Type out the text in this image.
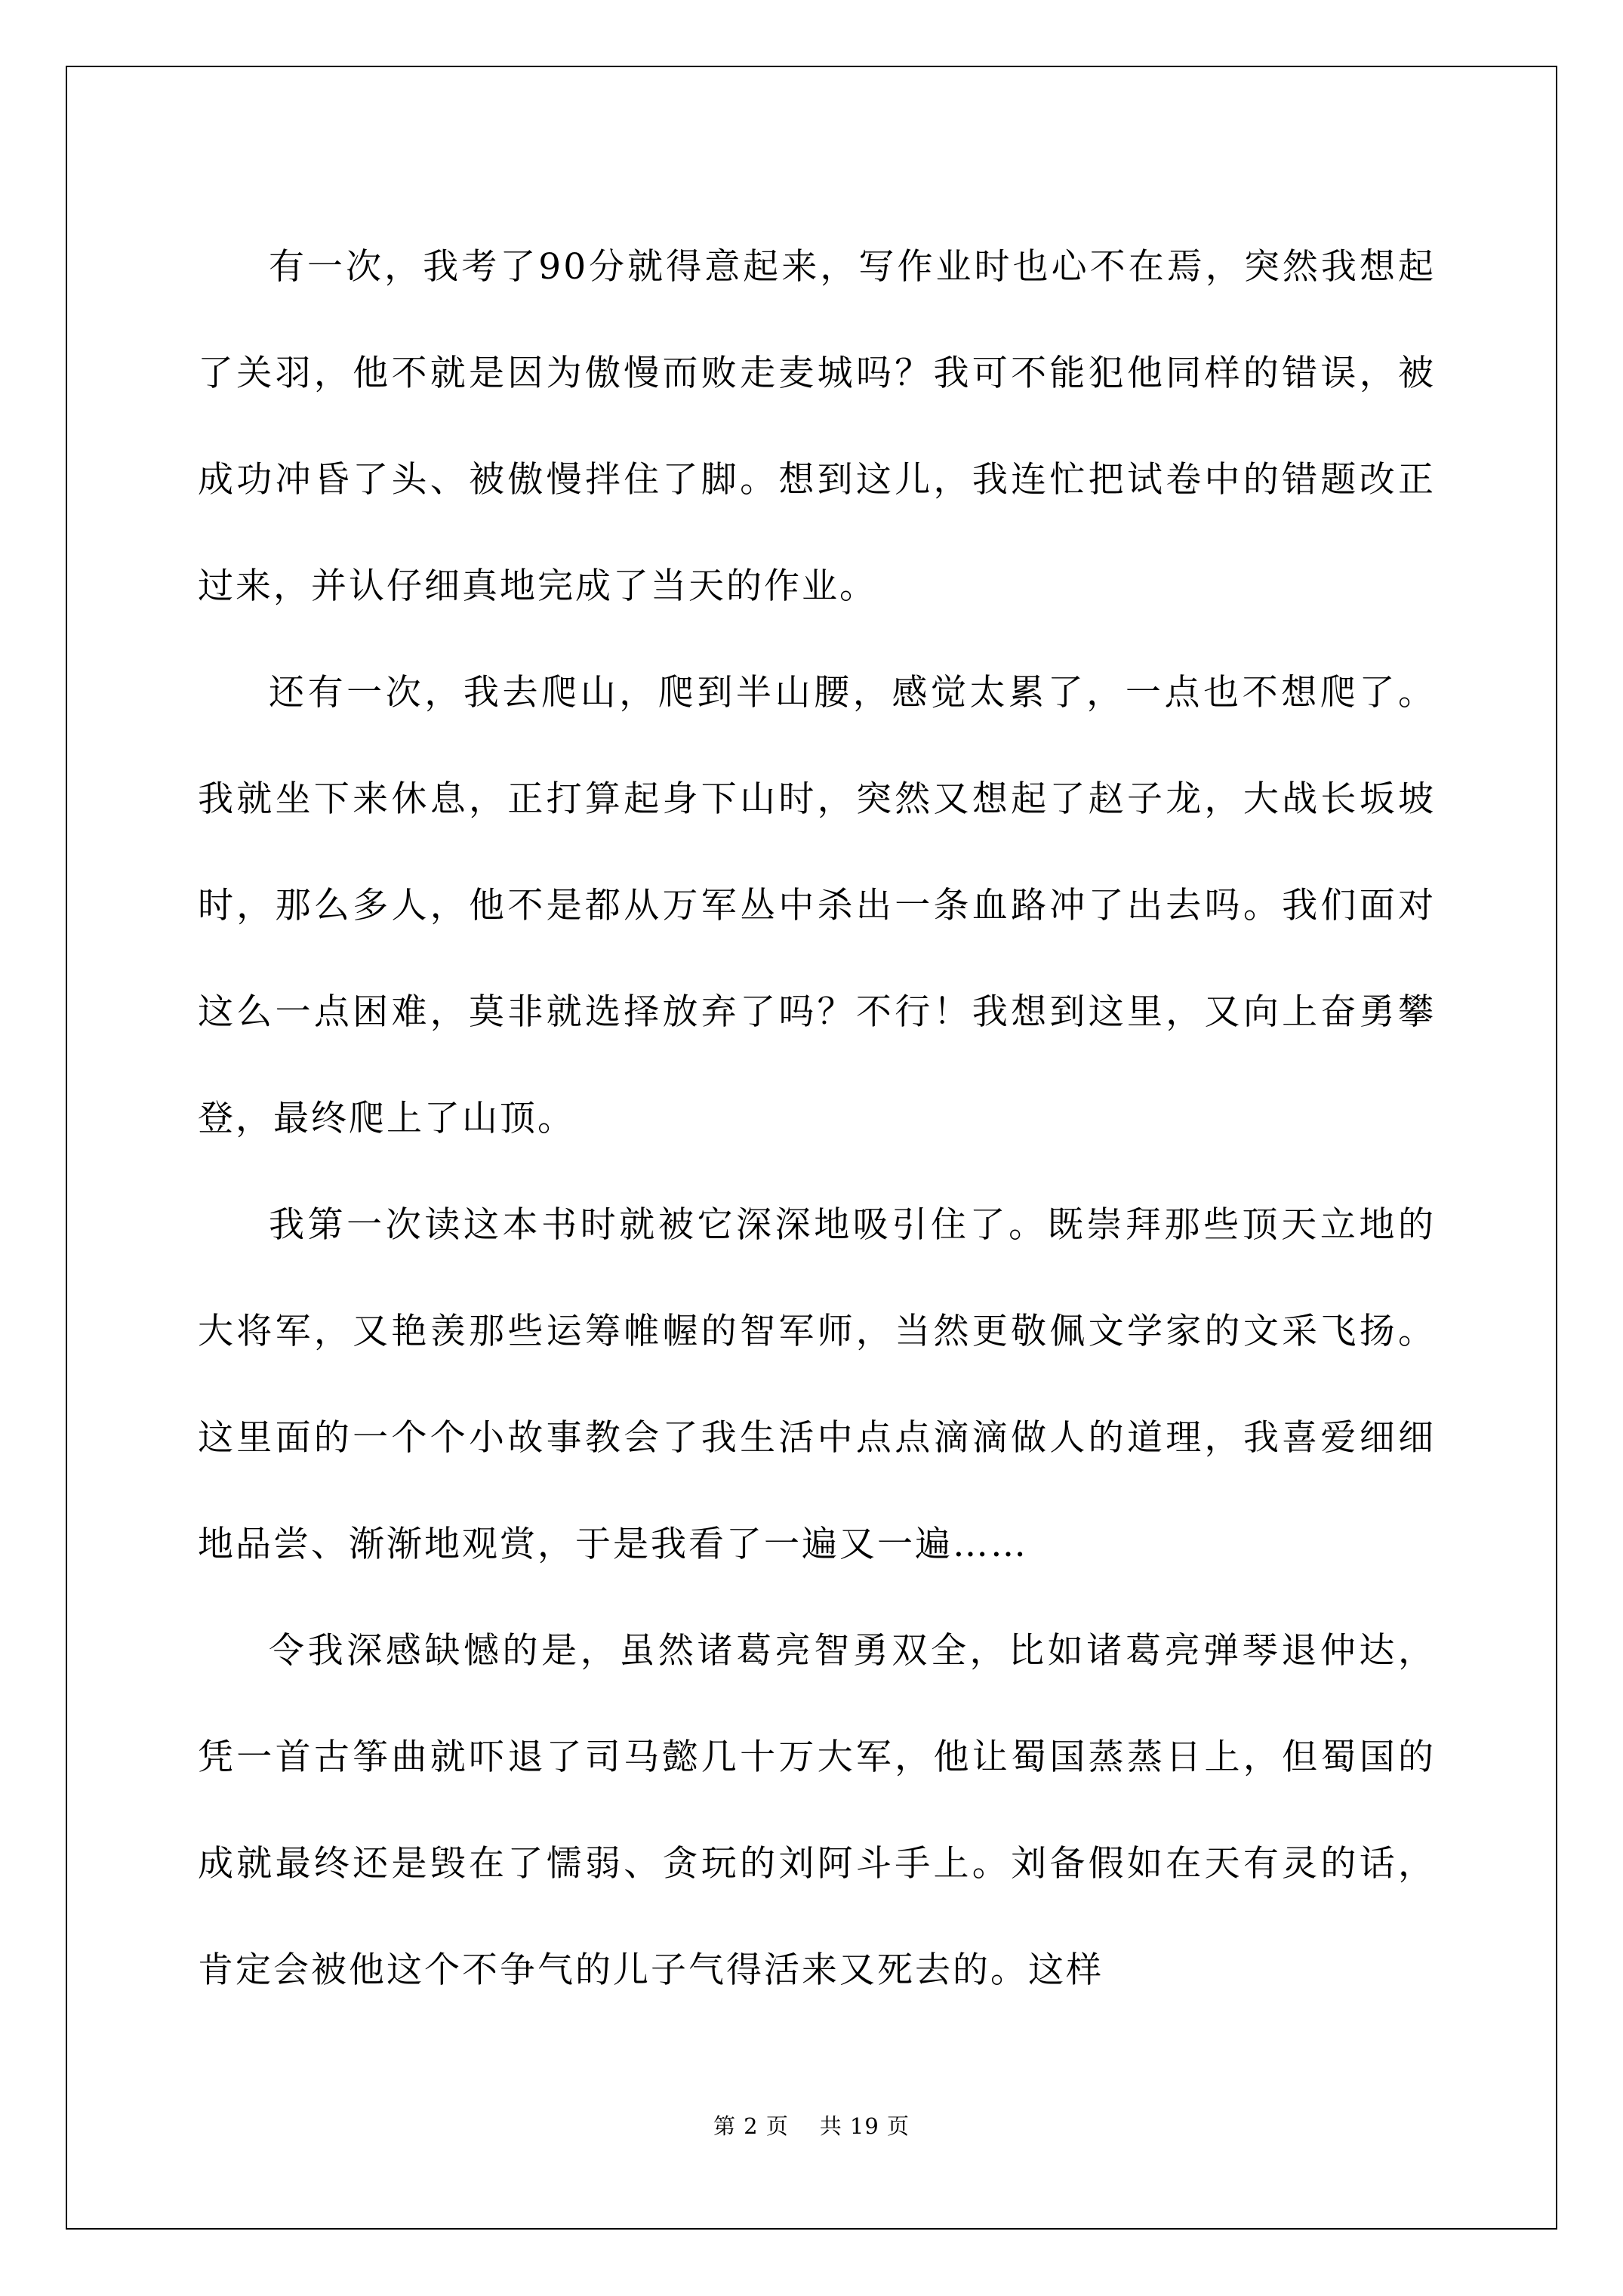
有一次，我考了90分就得意起来，写作业时也心不在焉，突然我想起了关羽，他不就是因为傲慢而败走麦城吗？我可不能犯他同样的错误，被成功冲昏了头、被傲慢拌住了脚。想到这儿，我连忙把试卷中的错题改正过来，并认仔细真地完成了当天的作业。

还有一次，我去爬山，爬到半山腰，感觉太累了，一点也不想爬了。我就坐下来休息，正打算起身下山时，突然又想起了赵子龙，大战长坂坡时，那么多人，他不是都从万军丛中杀出一条血路冲了出去吗。我们面对这么一点困难，莫非就选择放弃了吗？不行！我想到这里，又向上奋勇攀登，最终爬上了山顶。

我第一次读这本书时就被它深深地吸引住了。既崇拜那些顶天立地的大将军，又艳羡那些运筹帷幄的智军师，当然更敬佩文学家的文采飞扬。这里面的一个个小故事教会了我生活中点点滴滴做人的道理，我喜爱细细地品尝、渐渐地观赏，于是我看了一遍又一遍……

令我深感缺憾的是，虽然诸葛亮智勇双全，比如诸葛亮弹琴退仲达，凭一首古筝曲就吓退了司马懿几十万大军，他让蜀国蒸蒸日上，但蜀国的成就最终还是毁在了懦弱、贪玩的刘阿斗手上。刘备假如在天有灵的话，肯定会被他这个不争气的儿子气得活来又死去的。这样

第 2 页 共 19 页
